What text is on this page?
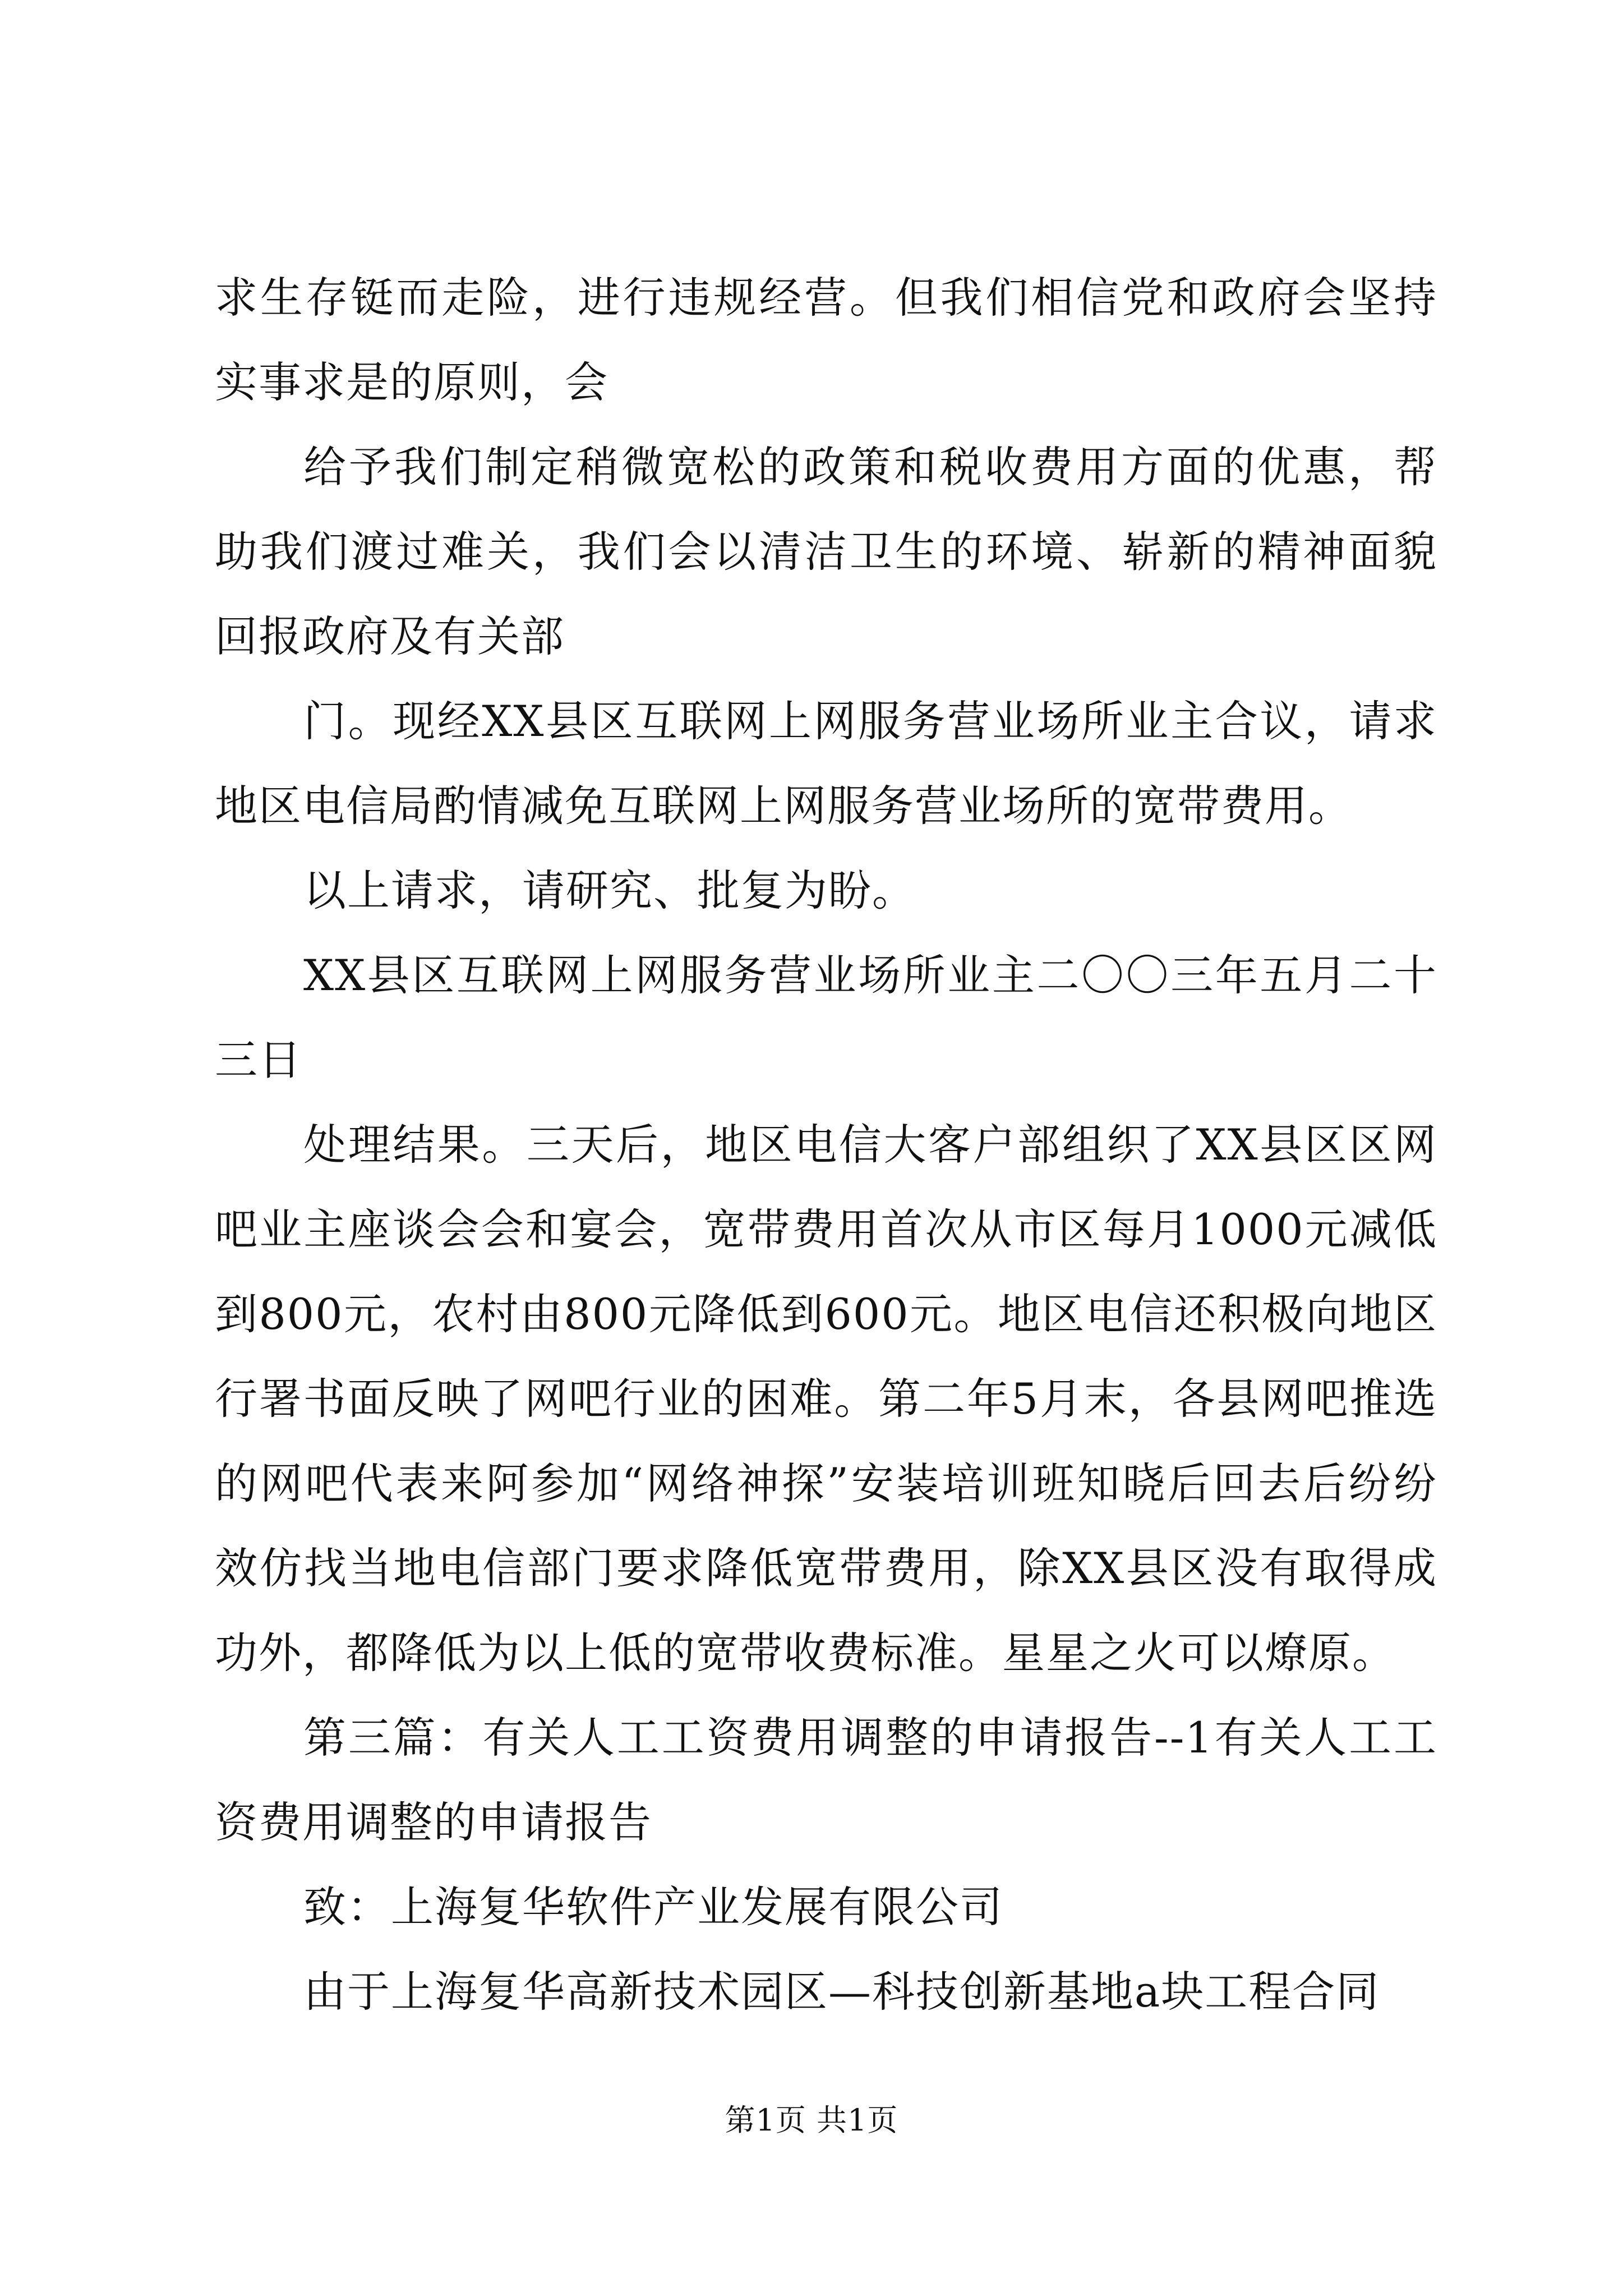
求生存铤而走险，进行违规经营。但我们相信党和政府会坚持实事求是的原则，会

给予我们制定稍微宽松的政策和税收费用方面的优惠，帮助我们渡过难关，我们会以清洁卫生的环境、崭新的精神面貌回报政府及有关部

门。现经XX县区互联网上网服务营业场所业主合议，请求地区电信局酌情减免互联网上网服务营业场所的宽带费用。

以上请求，请研究、批复为盼。

XX县区互联网上网服务营业场所业主二〇〇三年五月二十三日

处理结果。三天后，地区电信大客户部组织了XX县区区网吧业主座谈会会和宴会，宽带费用首次从市区每月1000元减低到800元，农村由800元降低到600元。地区电信还积极向地区行署书面反映了网吧行业的困难。第二年5月末，各县网吧推选的网吧代表来阿参加“网络神探”安装培训班知晓后回去后纷纷效仿找当地电信部门要求降低宽带费用，除XX县区没有取得成功外，都降低为以上低的宽带收费标准。星星之火可以燎原。

第三篇：有关人工工资费用调整的申请报告--1有关人工工资费用调整的申请报告

致：上海复华软件产业发展有限公司

由于上海复华高新技术园区—科技创新基地a块工程合同

第1页 共1页
